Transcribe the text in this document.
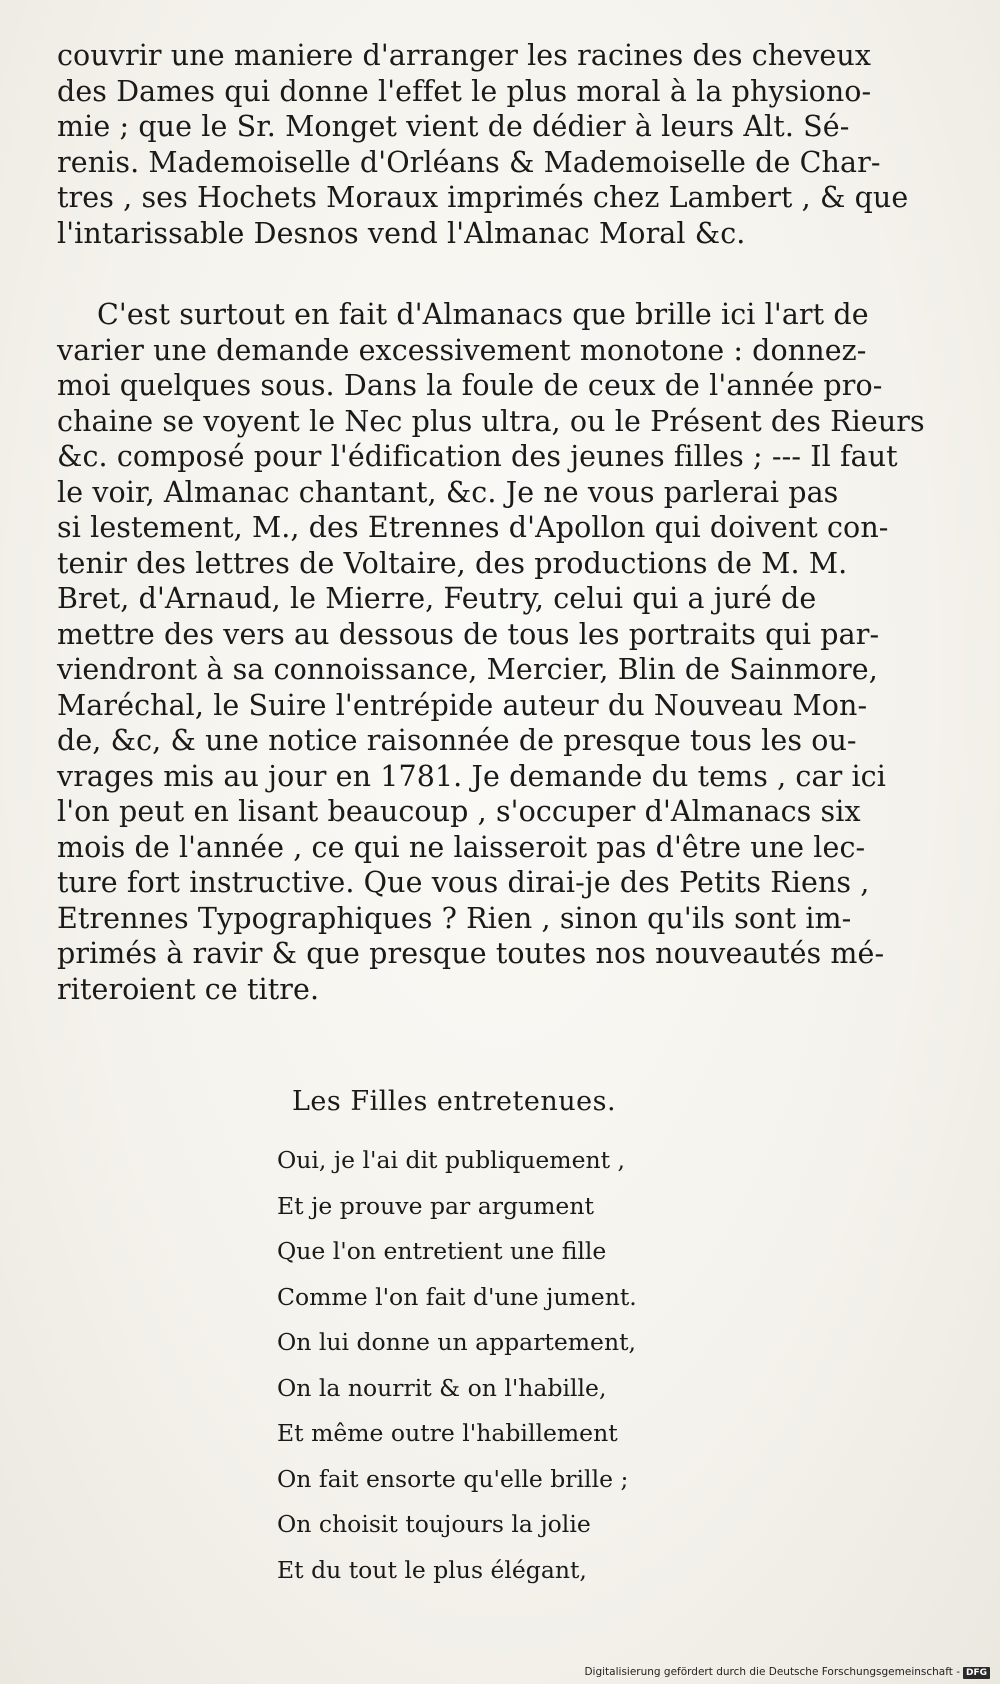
couvrir une maniere d'arranger les racines des cheveux
des Dames qui donne l'effet le plus moral à la physiono-
mie ; que le Sr. Monget vient de dédier à leurs Alt. Sé-
renis. Mademoiselle d'Orléans & Mademoiselle de Char-
tres , ses Hochets Moraux imprimés chez Lambert , & que
l'intarissable Desnos vend l'Almanac Moral &c.
C'est surtout en fait d'Almanacs que brille ici l'art de
varier une demande excessivement monotone : donnez-
moi quelques sous. Dans la foule de ceux de l'année pro-
chaine se voyent le Nec plus ultra, ou le Présent des Rieurs
&c. composé pour l'édification des jeunes filles ; --- Il faut
le voir, Almanac chantant, &c. Je ne vous parlerai pas
si lestement, M., des Etrennes d'Apollon qui doivent con-
tenir des lettres de Voltaire, des productions de M. M.
Bret, d'Arnaud, le Mierre, Feutry, celui qui a juré de
mettre des vers au dessous de tous les portraits qui par-
viendront à sa connoissance, Mercier, Blin de Sainmore,
Maréchal, le Suire l'entrépide auteur du Nouveau Mon-
de, &c, & une notice raisonnée de presque tous les ou-
vrages mis au jour en 1781. Je demande du tems , car ici
l'on peut en lisant beaucoup , s'occuper d'Almanacs six
mois de l'année , ce qui ne laisseroit pas d'être une lec-
ture fort instructive. Que vous dirai-je des Petits Riens ,
Etrennes Typographiques ? Rien , sinon qu'ils sont im-
primés à ravir & que presque toutes nos nouveautés mé-
riteroient ce titre.
Les Filles entretenues.
Oui, je l'ai dit publiquement ,
Et je prouve par argument
Que l'on entretient une fille
Comme l'on fait d'une jument.
On lui donne un appartement,
On la nourrit & on l'habille,
Et même outre l'habillement
On fait ensorte qu'elle brille ;
On choisit toujours la jolie
Et du tout le plus élégant,
Digitalisierung gefördert durch die Deutsche Forschungsgemeinschaft - DFG
